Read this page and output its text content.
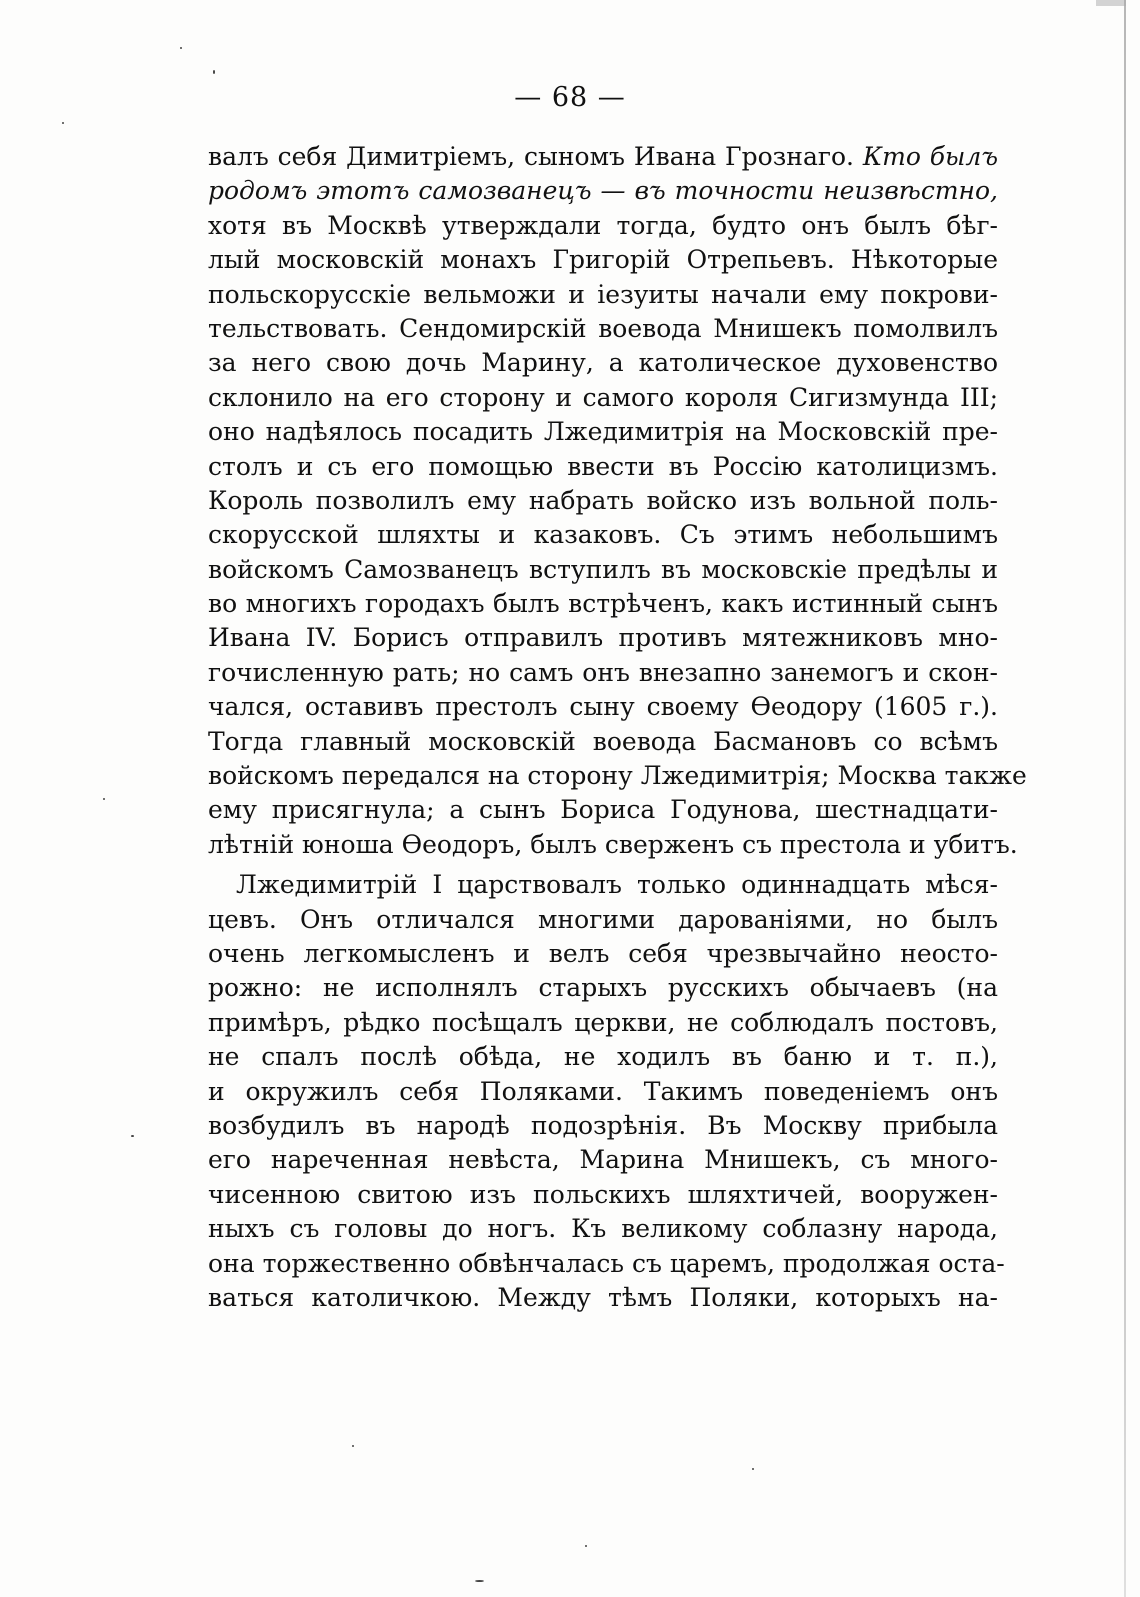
— 68 —
валъ себя Димитріемъ, сыномъ Ивана Грознаго. Кто былъ
родомъ этотъ самозванецъ — въ точности неизвѣстно,
хотя въ Москвѣ утверждали тогда, будто онъ былъ бѣг-
лый московскій монахъ Григорій Отрепьевъ. Нѣкоторые
польскорусскіе вельможи и іезуиты начали ему покрови-
тельствовать. Сендомирскій воевода Мнишекъ помолвилъ
за него свою дочь Марину, а католическое духовенство
склонило на его сторону и самого короля Сигизмунда III;
оно надѣялось посадить Лжедимитрія на Московскій пре-
столъ и съ его помощью ввести въ Россію католицизмъ.
Король позволилъ ему набрать войско изъ вольной поль-
скорусской шляхты и казаковъ. Съ этимъ небольшимъ
войскомъ Самозванецъ вступилъ въ московскіе предѣлы и
во многихъ городахъ былъ встрѣченъ, какъ истинный сынъ
Ивана IV. Борисъ отправилъ противъ мятежниковъ мно-
гочисленную рать; но самъ онъ внезапно занемогъ и скон-
чался, оставивъ престолъ сыну своему Ѳеодору (1605 г.).
Тогда главный московскій воевода Басмановъ со всѣмъ
войскомъ передался на сторону Лжедимитрія; Москва также
ему присягнула; а сынъ Бориса Годунова, шестнадцати-
лѣтній юноша Ѳеодоръ, былъ сверженъ съ престола и убитъ.
Лжедимитрій I царствовалъ только одиннадцать мѣся-
цевъ. Онъ отличался многими дарованіями, но былъ
очень легкомысленъ и велъ себя чрезвычайно неосто-
рожно: не исполнялъ старыхъ русскихъ обычаевъ (на
примѣръ, рѣдко посѣщалъ церкви, не соблюдалъ постовъ,
не спалъ послѣ обѣда, не ходилъ въ баню и т. п.),
и окружилъ себя Поляками. Такимъ поведеніемъ онъ
возбудилъ въ народѣ подозрѣнія. Въ Москву прибыла
его нареченная невѣста, Марина Мнишекъ, съ много-
чисенною свитою изъ польскихъ шляхтичей, вооружен-
ныхъ съ головы до ногъ. Къ великому соблазну народа,
она торжественно обвѣнчалась съ царемъ, продолжая оста-
ваться католичкою. Между тѣмъ Поляки, которыхъ на-
